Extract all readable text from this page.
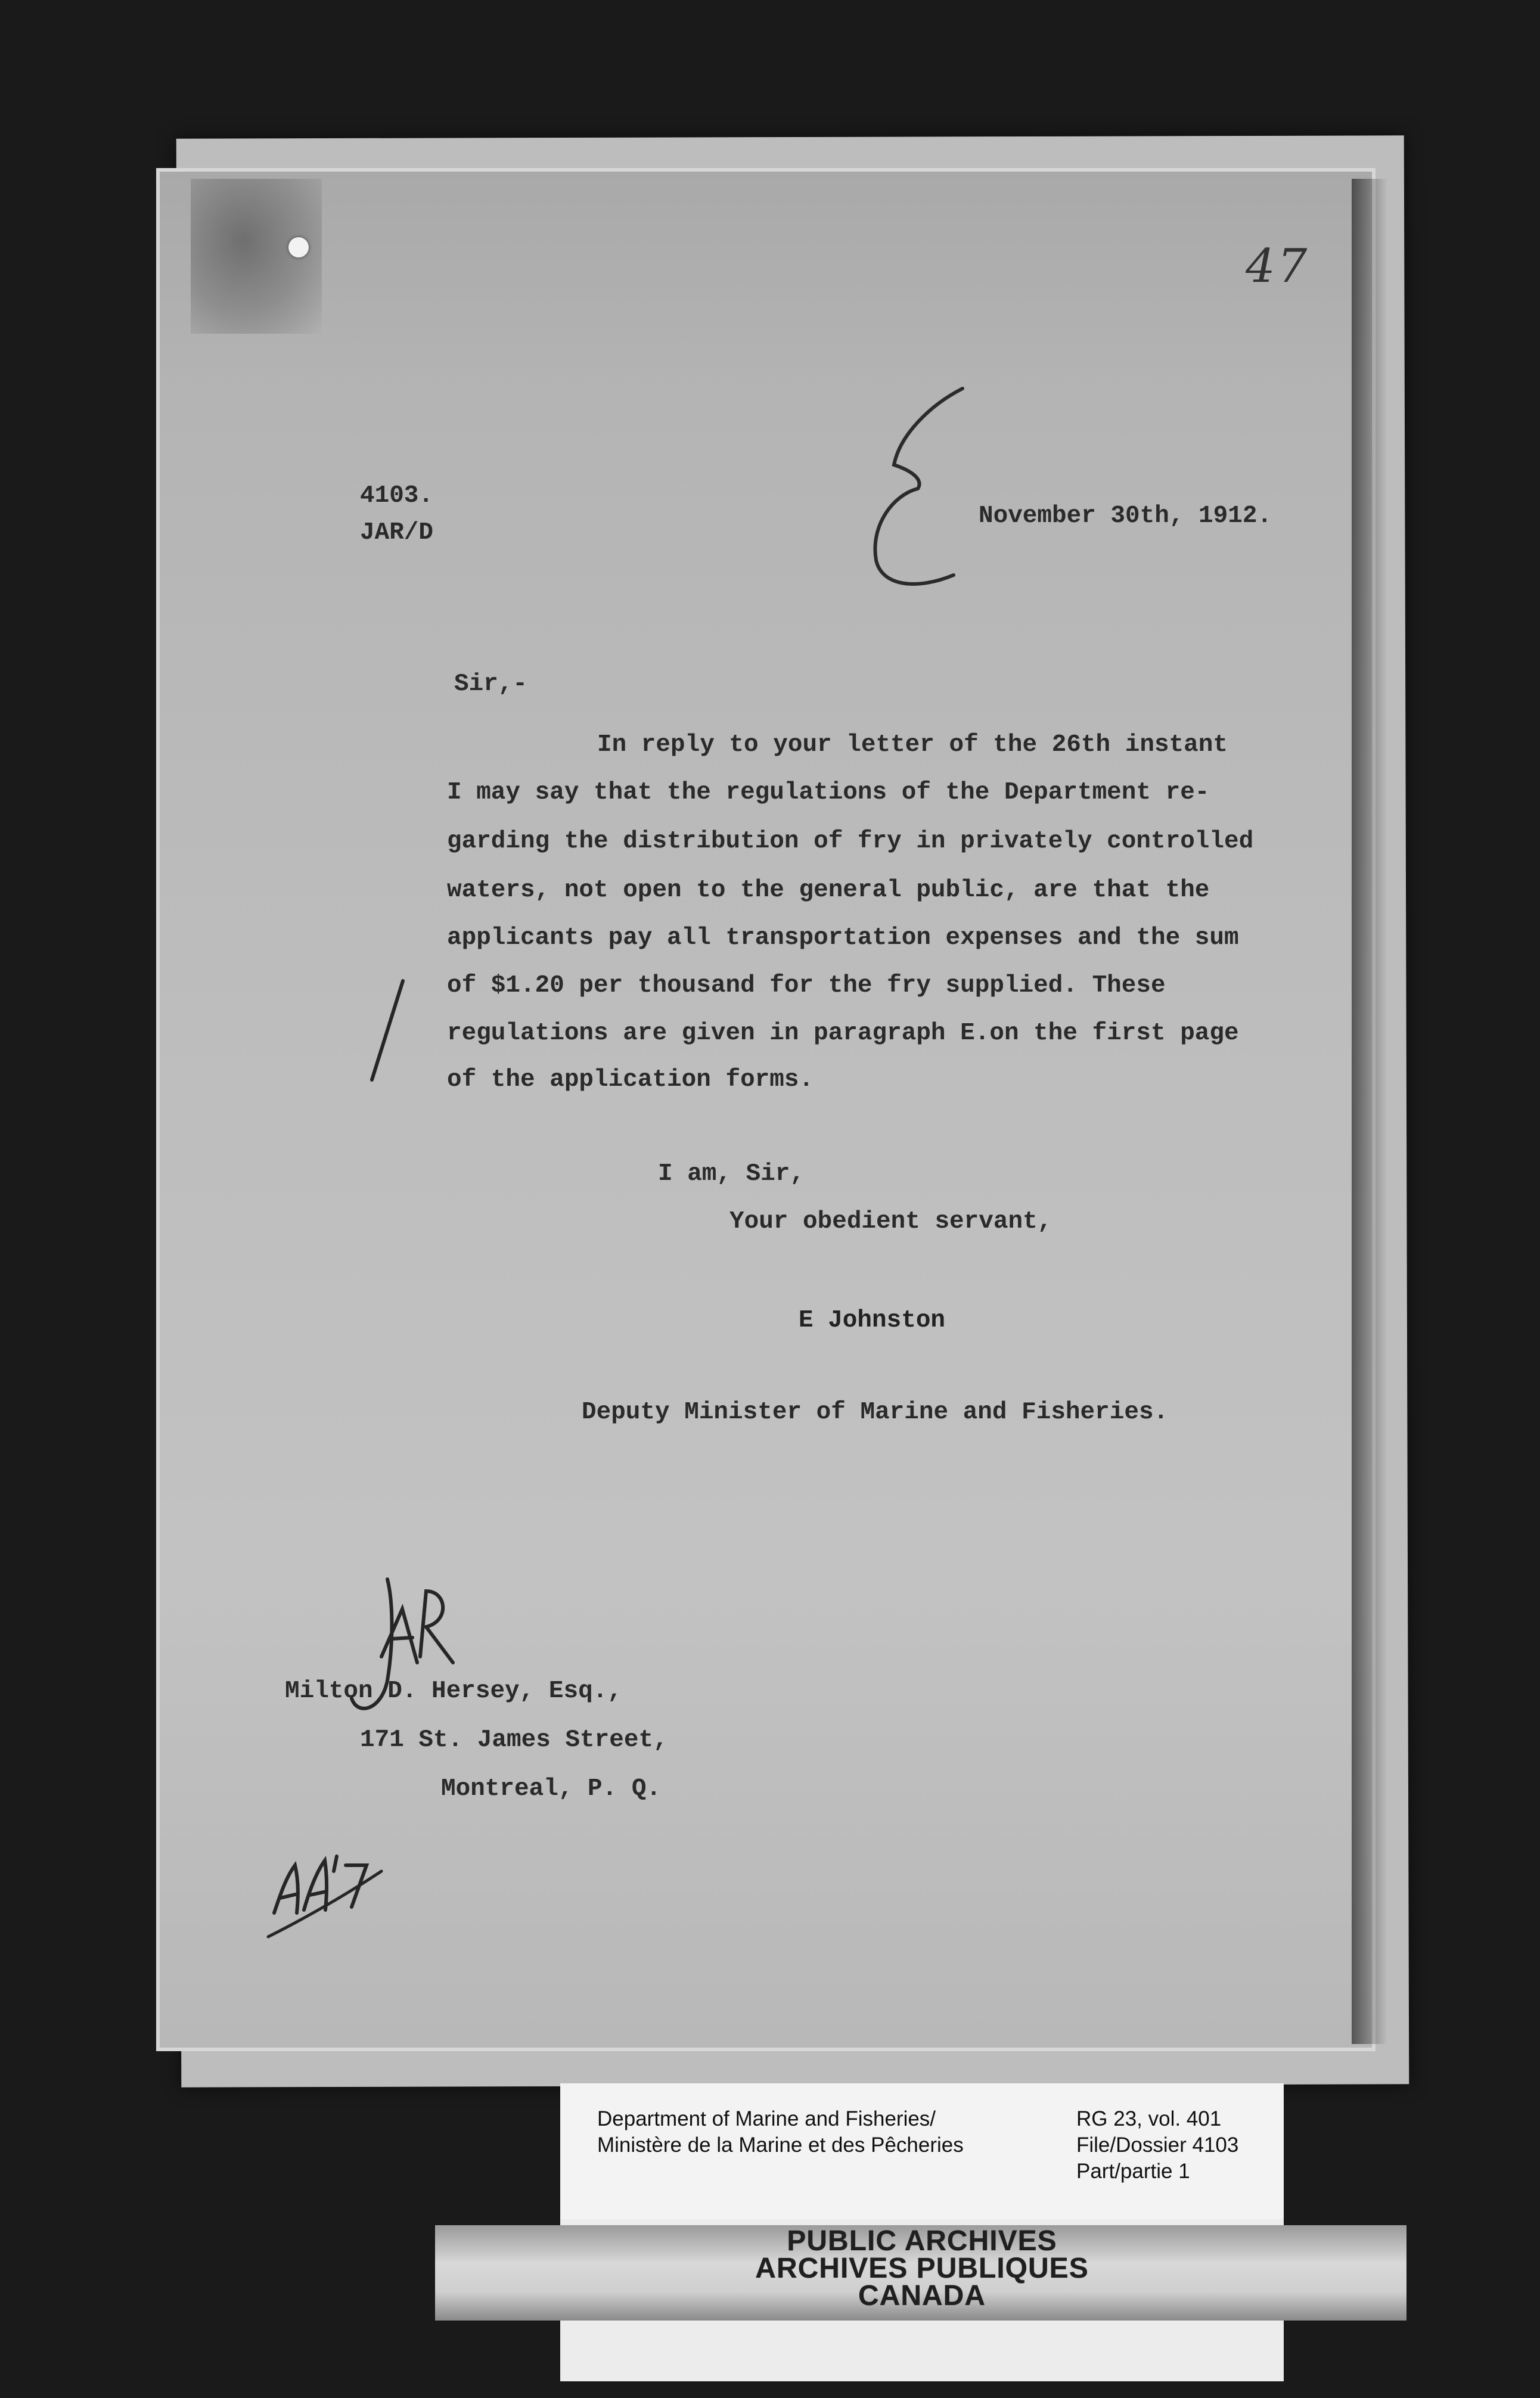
47
4103.
JAR/D
November 30th, 1912.
Sir,-
In reply to your letter of the 26th instant
I may say that the regulations of the Department re-
garding the distribution of fry in privately controlled
waters, not open to the general public, are that the
applicants pay all transportation expenses and the sum
of $1.20 per thousand for the fry supplied. These
regulations are given in paragraph E.on the first page
of the application forms.
I am, Sir,
Your obedient servant,
E Johnston
Deputy Minister of Marine and Fisheries.
Milton D. Hersey, Esq.,
171 St. James Street,
Montreal, P. Q.
Department of Marine and Fisheries/
Ministère de la Marine et des Pêcheries
RG 23, vol. 401
File/Dossier 4103
Part/partie 1
PUBLIC ARCHIVES
ARCHIVES PUBLIQUES
CANADA
